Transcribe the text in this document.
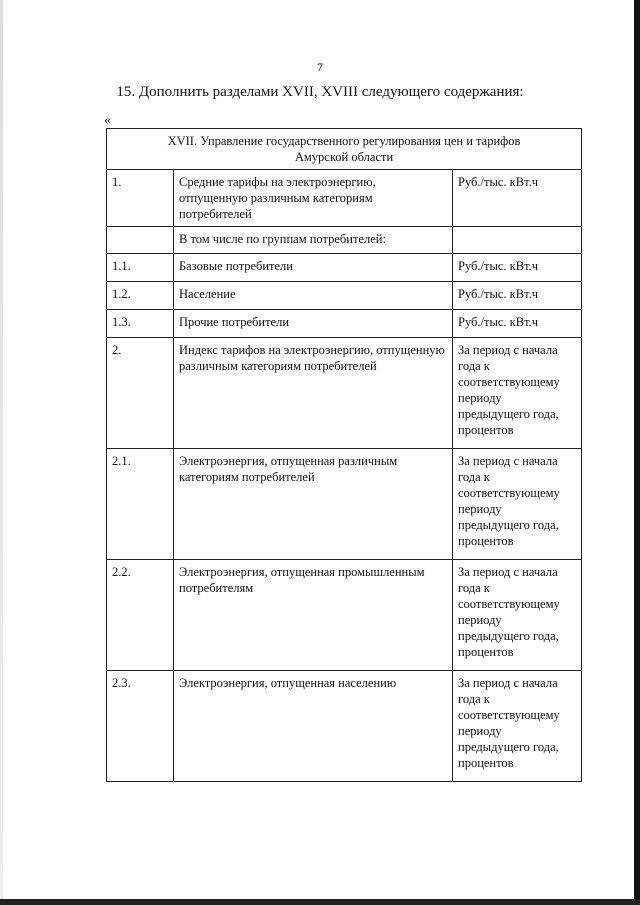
7
15. Дополнить разделами XVII, XVIII следующего содержания:
«
XVII. Управление государственного регулирования цен и тарифов
Амурской области		

1.	Средние тарифы на электроэнергию, отпущенную различным категориям потребителей	Руб./тыс. кВт.ч
	В том числе по группам потребителей:	
1.1.	Базовые потребители	Руб./тыс. кВт.ч
1.2.	Население	Руб./тыс. кВт.ч
1.3.	Прочие потребители	Руб./тыс. кВт.ч
2.	Индекс тарифов на электроэнергию, отпущенную различным категориям потребителей	За период с начала года к соответствующему периоду предыдущего года, процентов
2.1.	Электроэнергия, отпущенная различным категориям потребителей	За период с начала года к соответствующему периоду предыдущего года, процентов
2.2.	Электроэнергия, отпущенная промышленным потребителям	За период с начала года к соответствующему периоду предыдущего года, процентов
2.3.	Электроэнергия, отпущенная населению	За период с начала года к соответствующему периоду предыдущего года, процентов
